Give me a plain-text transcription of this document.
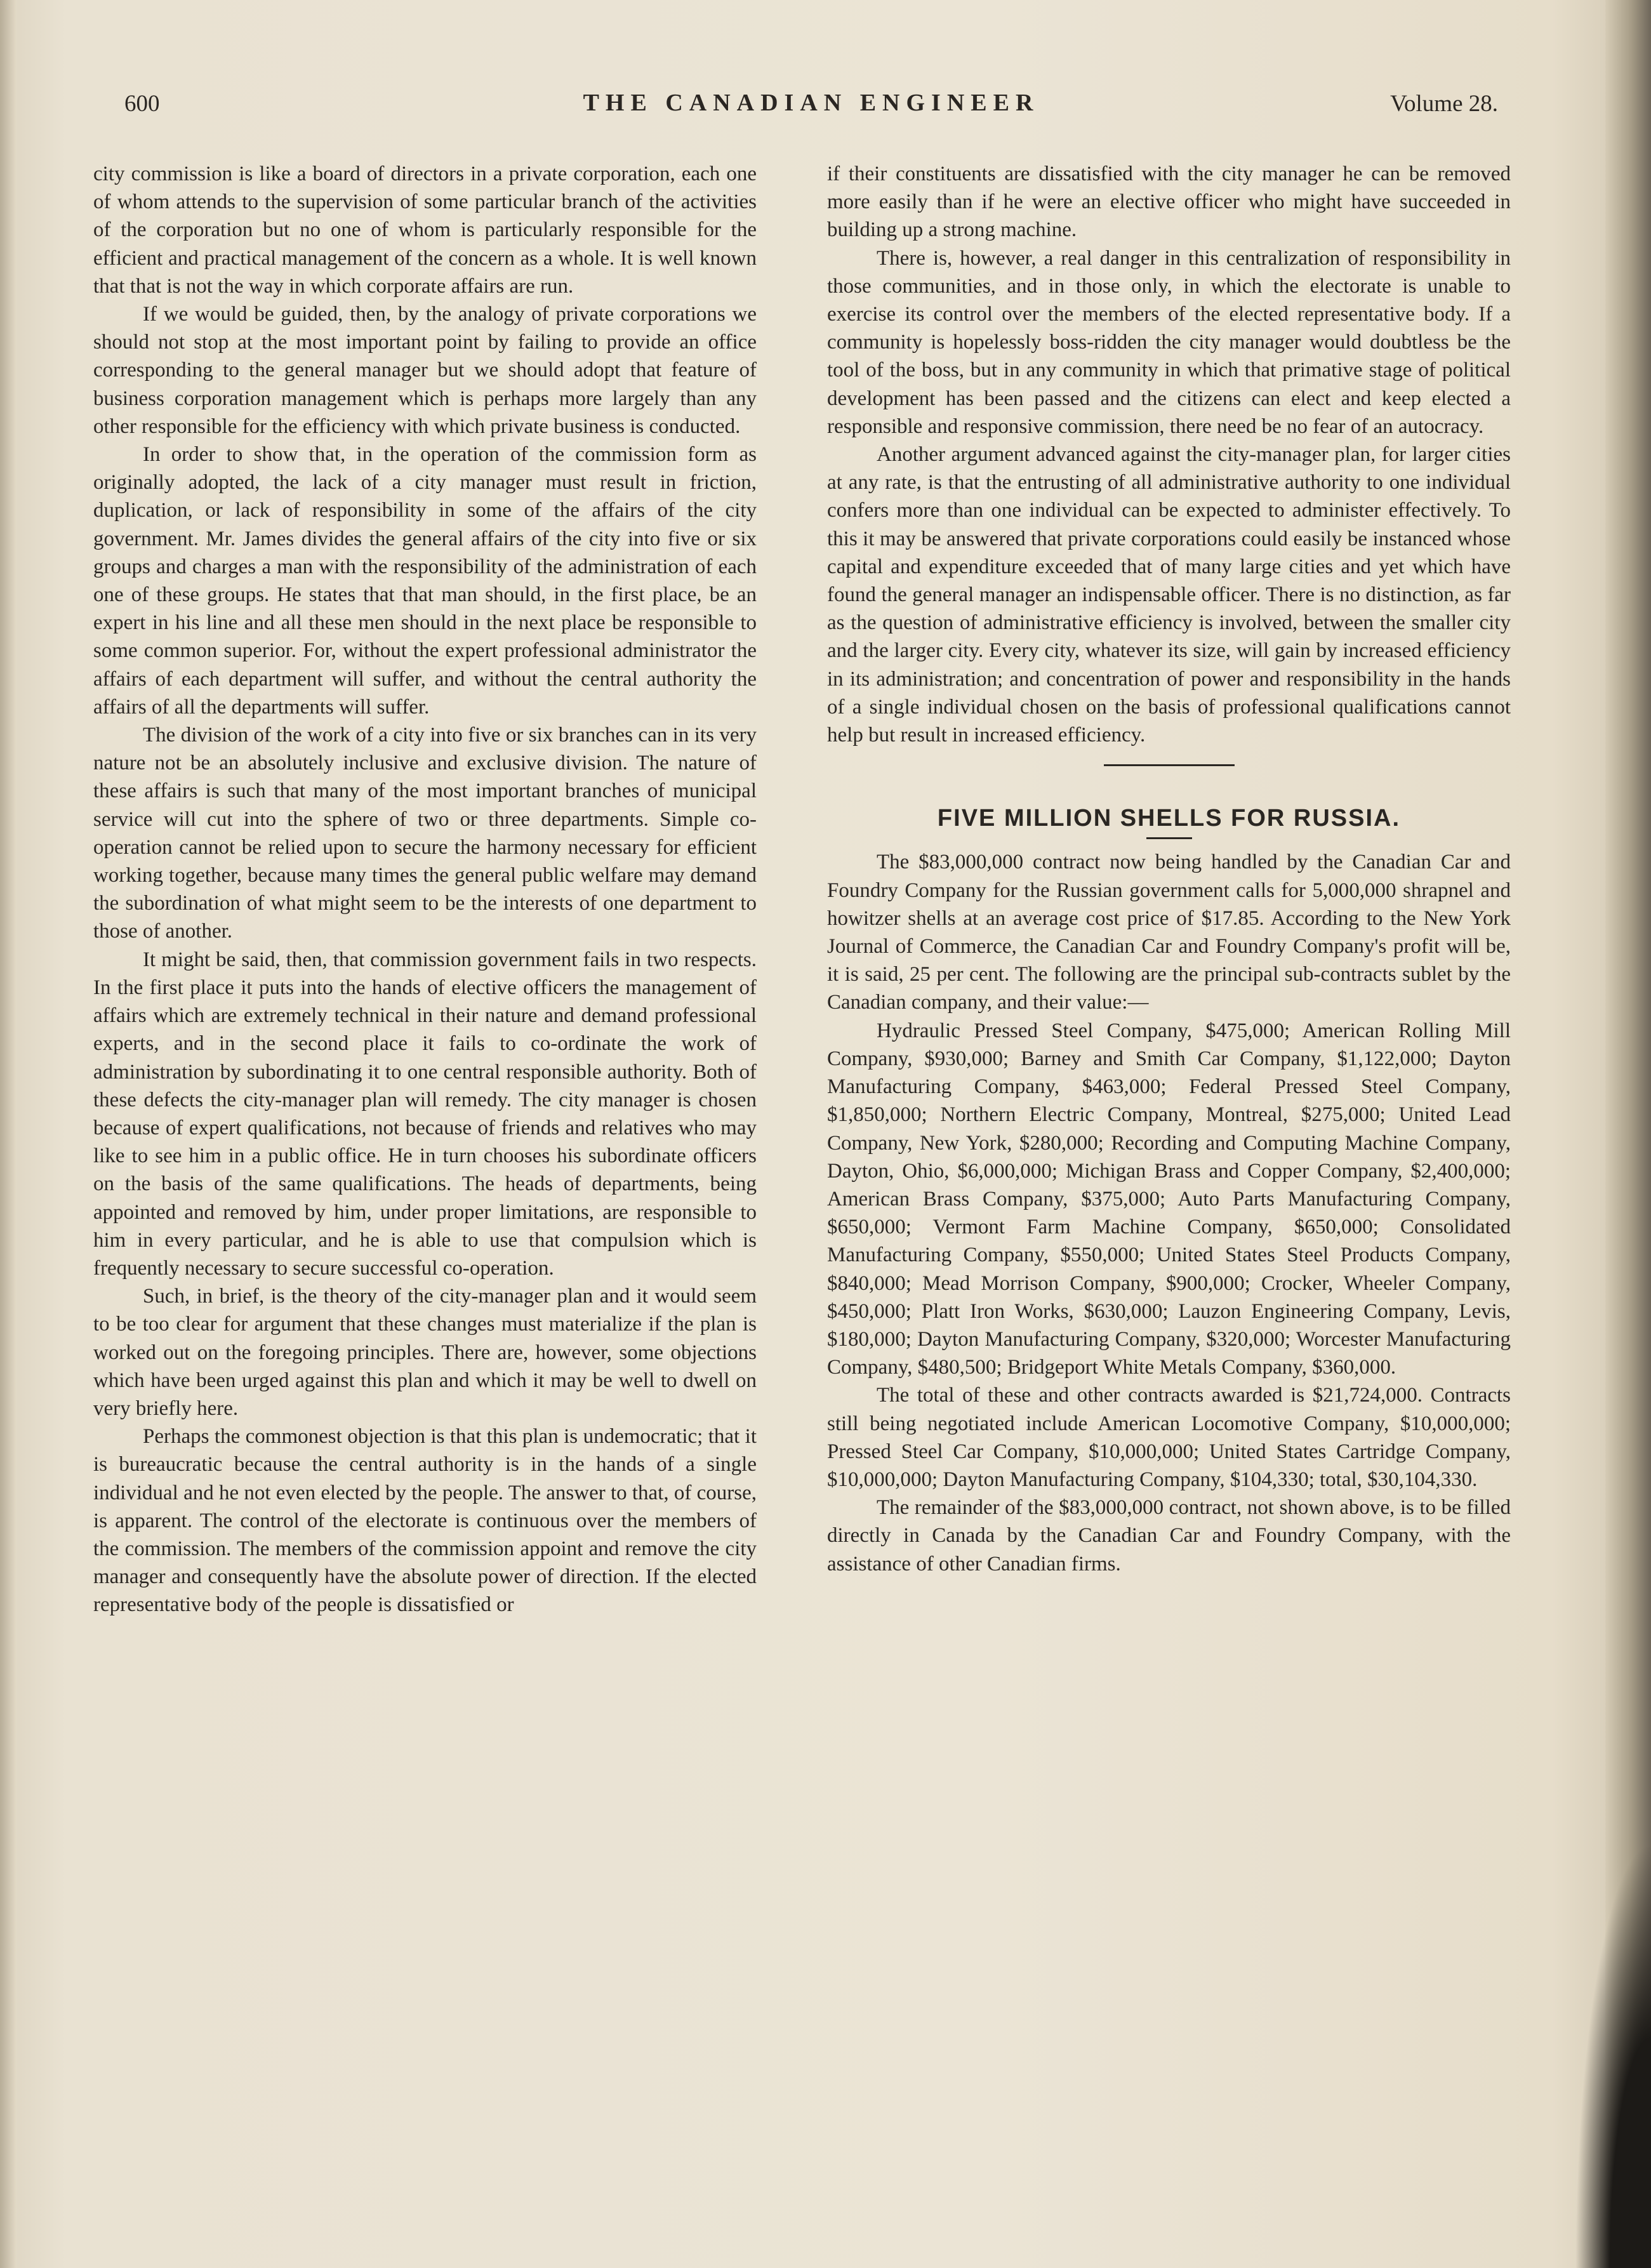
600	THE CANADIAN ENGINEER	Volume 28.

city commission is like a board of directors in a private corporation, each one of whom attends to the supervision of some particular branch of the activities of the corporation but no one of whom is particularly responsible for the efficient and practical management of the concern as a whole. It is well known that that is not the way in which corporate affairs are run.

If we would be guided, then, by the analogy of private corporations we should not stop at the most important point by failing to provide an office corresponding to the general manager but we should adopt that feature of business corporation management which is perhaps more largely than any other responsible for the efficiency with which private business is conducted.

In order to show that, in the operation of the commission form as originally adopted, the lack of a city manager must result in friction, duplication, or lack of responsibility in some of the affairs of the city government. Mr. James divides the general affairs of the city into five or six groups and charges a man with the responsibility of the administration of each one of these groups. He states that that man should, in the first place, be an expert in his line and all these men should in the next place be responsible to some common superior. For, without the expert professional administrator the affairs of each department will suffer, and without the central authority the affairs of all the departments will suffer.

The division of the work of a city into five or six branches can in its very nature not be an absolutely inclusive and exclusive division. The nature of these affairs is such that many of the most important branches of municipal service will cut into the sphere of two or three departments. Simple co-operation cannot be relied upon to secure the harmony necessary for efficient working together, because many times the general public welfare may demand the subordination of what might seem to be the interests of one department to those of another.

It might be said, then, that commission government fails in two respects. In the first place it puts into the hands of elective officers the management of affairs which are extremely technical in their nature and demand professional experts, and in the second place it fails to co-ordinate the work of administration by subordinating it to one central responsible authority. Both of these defects the city-manager plan will remedy. The city manager is chosen because of expert qualifications, not because of friends and relatives who may like to see him in a public office. He in turn chooses his subordinate officers on the basis of the same qualifications. The heads of departments, being appointed and removed by him, under proper limitations, are responsible to him in every particular, and he is able to use that compulsion which is frequently necessary to secure successful co-operation.

Such, in brief, is the theory of the city-manager plan and it would seem to be too clear for argument that these changes must materialize if the plan is worked out on the foregoing principles. There are, however, some objections which have been urged against this plan and which it may be well to dwell on very briefly here.

Perhaps the commonest objection is that this plan is undemocratic; that it is bureaucratic because the central authority is in the hands of a single individual and he not even elected by the people. The answer to that, of course, is apparent. The control of the electorate is continuous over the members of the commission. The members of the commission appoint and remove the city manager and consequently have the absolute power of direction. If the elected representative body of the people is dissatisfied or

if their constituents are dissatisfied with the city manager he can be removed more easily than if he were an elective officer who might have succeeded in building up a strong machine.

There is, however, a real danger in this centralization of responsibility in those communities, and in those only, in which the electorate is unable to exercise its control over the members of the elected representative body. If a community is hopelessly boss-ridden the city manager would doubtless be the tool of the boss, but in any community in which that primative stage of political development has been passed and the citizens can elect and keep elected a responsible and responsive commission, there need be no fear of an autocracy.

Another argument advanced against the city-manager plan, for larger cities at any rate, is that the entrusting of all administrative authority to one individual confers more than one individual can be expected to administer effectively. To this it may be answered that private corporations could easily be instanced whose capital and expenditure exceeded that of many large cities and yet which have found the general manager an indispensable officer. There is no distinction, as far as the question of administrative efficiency is involved, between the smaller city and the larger city. Every city, whatever its size, will gain by increased efficiency in its administration; and concentration of power and responsibility in the hands of a single individual chosen on the basis of professional qualifications cannot help but result in increased efficiency.

FIVE MILLION SHELLS FOR RUSSIA.

The $83,000,000 contract now being handled by the Canadian Car and Foundry Company for the Russian government calls for 5,000,000 shrapnel and howitzer shells at an average cost price of $17.85. According to the New York Journal of Commerce, the Canadian Car and Foundry Company's profit will be, it is said, 25 per cent. The following are the principal sub-contracts sublet by the Canadian company, and their value:—

Hydraulic Pressed Steel Company, $475,000; American Rolling Mill Company, $930,000; Barney and Smith Car Company, $1,122,000; Dayton Manufacturing Company, $463,000; Federal Pressed Steel Company, $1,850,000; Northern Electric Company, Montreal, $275,000; United Lead Company, New York, $280,000; Recording and Computing Machine Company, Dayton, Ohio, $6,000,000; Michigan Brass and Copper Company, $2,400,000; American Brass Company, $375,000; Auto Parts Manufacturing Company, $650,000; Vermont Farm Machine Company, $650,000; Consolidated Manufacturing Company, $550,000; United States Steel Products Company, $840,000; Mead Morrison Company, $900,000; Crocker, Wheeler Company, $450,000; Platt Iron Works, $630,000; Lauzon Engineering Company, Levis, $180,000; Dayton Manufacturing Company, $320,000; Worcester Manufacturing Company, $480,500; Bridgeport White Metals Company, $360,000.

The total of these and other contracts awarded is $21,724,000. Contracts still being negotiated include American Locomotive Company, $10,000,000; Pressed Steel Car Company, $10,000,000; United States Cartridge Company, $10,000,000; Dayton Manufacturing Company, $104,330; total, $30,104,330.

The remainder of the $83,000,000 contract, not shown above, is to be filled directly in Canada by the Canadian Car and Foundry Company, with the assistance of other Canadian firms.
